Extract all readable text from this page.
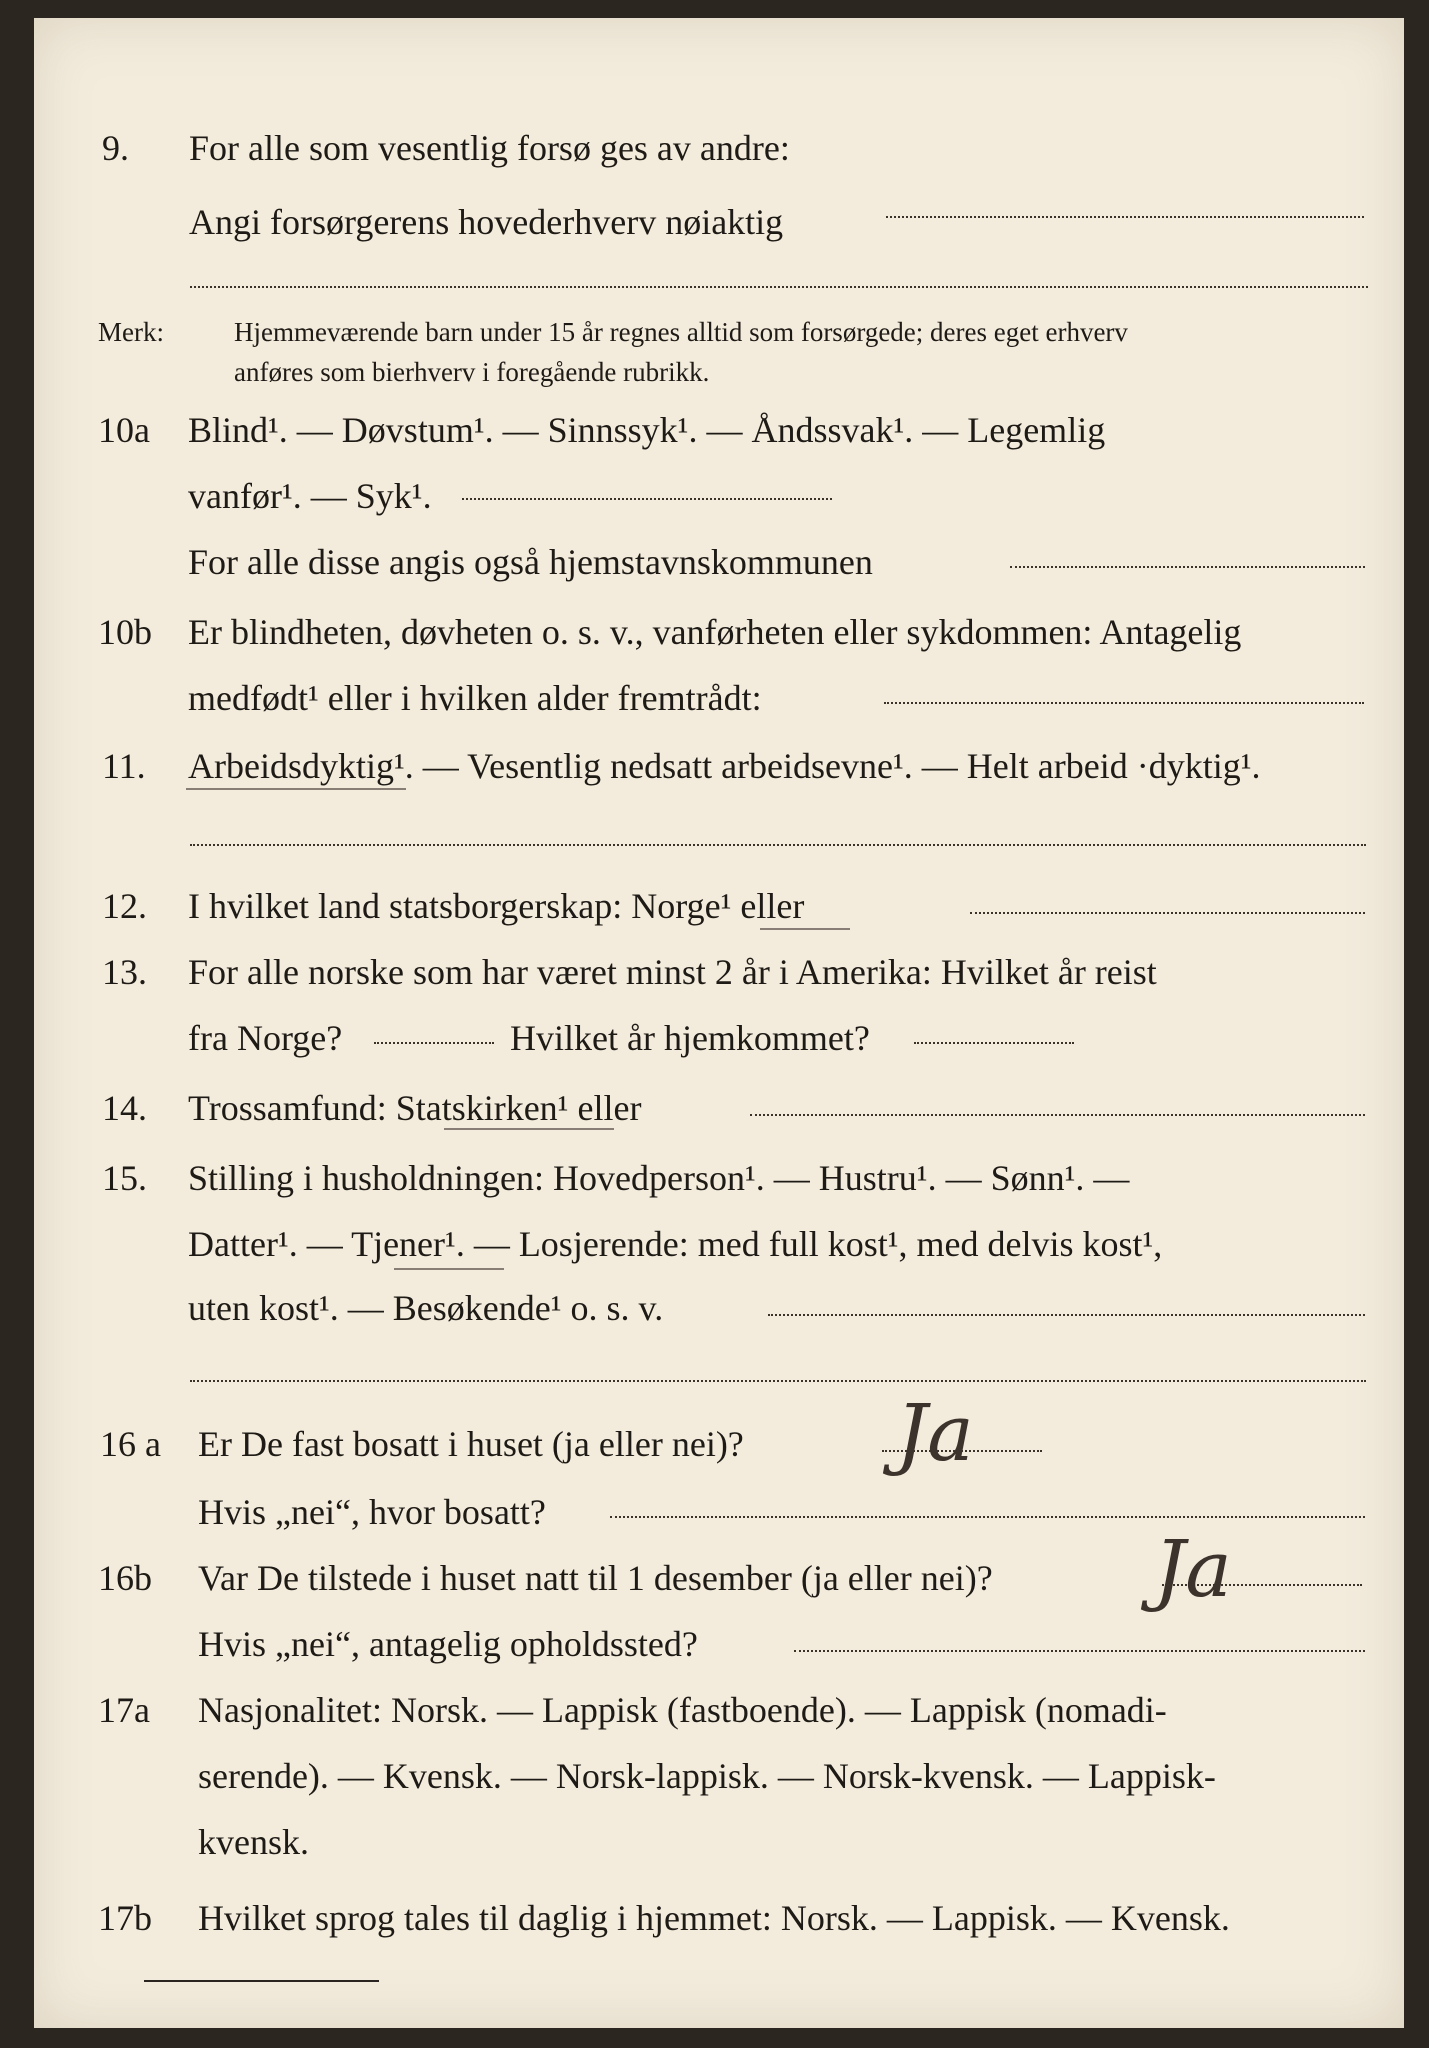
9. For alle som vesentlig forsø ges av andre:
Angi forsørgerens hovederhverv nøiaktig
Merk:	Hjemmeværende barn under 15 år regnes alltid som forsørgede; deres eget erhverv
anføres som bierhverv i foregående rubrikk.
10a Blind¹. — Døvstum¹. — Sinnssyk¹. — Åndssvak¹. — Legemlig
vanfør¹. — Syk¹.
For alle disse angis også hjemstavnskommunen
10b Er blindheten, døvheten o. s. v., vanførheten eller sykdommen: Antagelig
medfødt¹ eller i hvilken alder fremtrådt:
11. Arbeidsdyktig¹. — Vesentlig nedsatt arbeidsevne¹. — Helt arbeid ·dyktig¹.
12. I hvilket land statsborgerskap: Norge¹ eller
13. For alle norske som har været minst 2 år i Amerika: Hvilket år reist
fra Norge?	Hvilket år hjemkommet?
14. Trossamfund: Statskirken¹ eller
15. Stilling i husholdningen: Hovedperson¹. — Hustru¹. — Sønn¹. —
Datter¹. — Tjener¹. — Losjerende: med full kost¹, med delvis kost¹,
uten kost¹. — Besøkende¹ o. s. v.
16 a Er De fast bosatt i huset (ja eller nei)? Ja
Hvis „nei“, hvor bosatt?
16b Var De tilstede i huset natt til 1 desember (ja eller nei)? Ja
Hvis „nei“, antagelig opholdssted?
17a Nasjonalitet: Norsk. — Lappisk (fastboende). — Lappisk (nomadi-
serende). — Kvensk. — Norsk-lappisk. — Norsk-kvensk. — Lappisk-
kvensk.
17b Hvilket sprog tales til daglig i hjemmet: Norsk. — Lappisk. — Kvensk.
